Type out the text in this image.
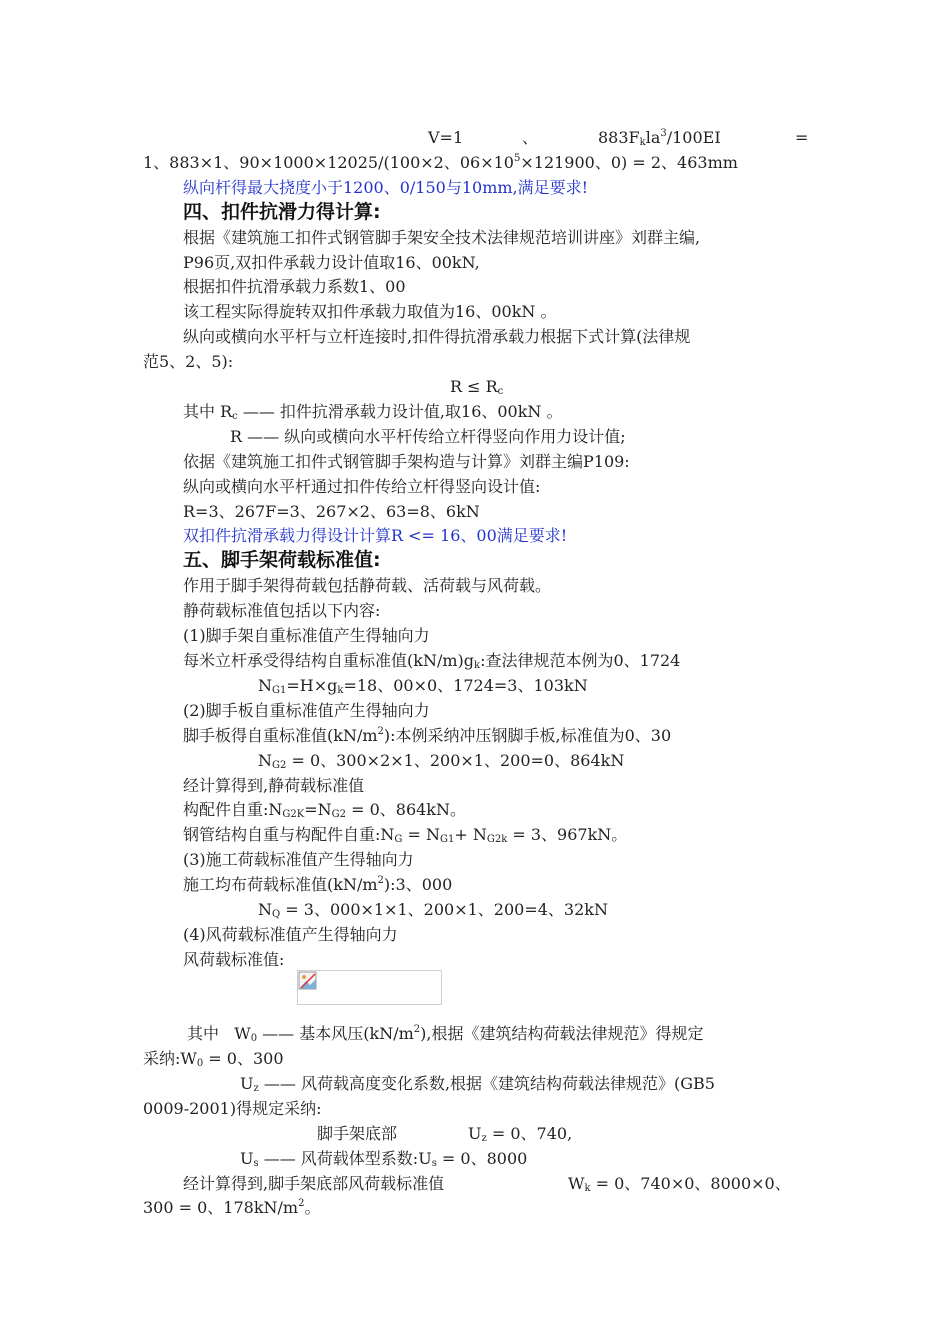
V=1	、	$883F_kla^3/100EI$	=
1、883×1、90×1000×12025/(100×2、$06\times 10^5\times 121900$、0) = 2、463mm
纵向杆得最大挠度小于1200、0/150与10mm,满足要求!
四、扣件抗滑力得计算:
根据《建筑施工扣件式钢管脚手架安全技术法律规范培训讲座》刘群主编,
P96页,双扣件承载力设计值取16、00kN,
根据扣件抗滑承载力系数1、00
该工程实际得旋转双扣件承载力取值为16、00kN 。
纵向或横向水平杆与立杆连接时,扣件得抗滑承载力根据下式计算(法律规
范5、2、5):
$R \le R_c$
其中 $R_c$ —— 扣件抗滑承载力设计值,取16、00kN 。
R —— 纵向或横向水平杆传给立杆得竖向作用力设计值;
依据《建筑施工扣件式钢管脚手架构造与计算》刘群主编P109:
纵向或横向水平杆通过扣件传给立杆得竖向设计值:
R=3、267F=3、267×2、63=8、6kN
双扣件抗滑承载力得设计计算R <= 16、00满足要求!
五、脚手架荷载标准值:
作用于脚手架得荷载包括静荷载、活荷载与风荷载。
静荷载标准值包括以下内容:
(1)脚手架自重标准值产生得轴向力
每米立杆承受得结构自重标准值$(kN/m)g_k$:查法律规范本例为0、1724
$N_{G1}=H\times g_k=18$、00×0、1724=3、103kN
(2)脚手板自重标准值产生得轴向力
脚手板得自重标准值$(kN/m^2)$:本例采纳冲压钢脚手板,标准值为0、30
$N_{G2} = 0$、300×2×1、200×1、200=0、864kN
经计算得到,静荷载标准值
构配件自重$:N_{G2K}=N_{G2} = 0$、864kN。
钢管结构自重与构配件自重$:N_G = N_{G1}+ N_{G2k} = 3$、967kN。
(3)施工荷载标准值产生得轴向力
施工均布荷载标准值$(kN/m^2):3$、000
$N_Q = 3$、000×1×1、200×1、200=4、32kN
(4)风荷载标准值产生得轴向力
风荷载标准值:
其中   $W_0$ —— 基本风压$(kN/m^2)$,根据《建筑结构荷载法律规范》得规定
采纳$:W_0 = 0$、300
$U_z$ —— 风荷载高度变化系数,根据《建筑结构荷载法律规范》(GB5
0009-2001)得规定采纳:
脚手架底部	$U_z = 0$、740,
$U_s$ —— 风荷载体型系数$:U_s = 0$、8000
经计算得到,脚手架底部风荷载标准值	$W_k = 0$、740×0、8000×0、
300 = 0、$178kN/m^2$。
